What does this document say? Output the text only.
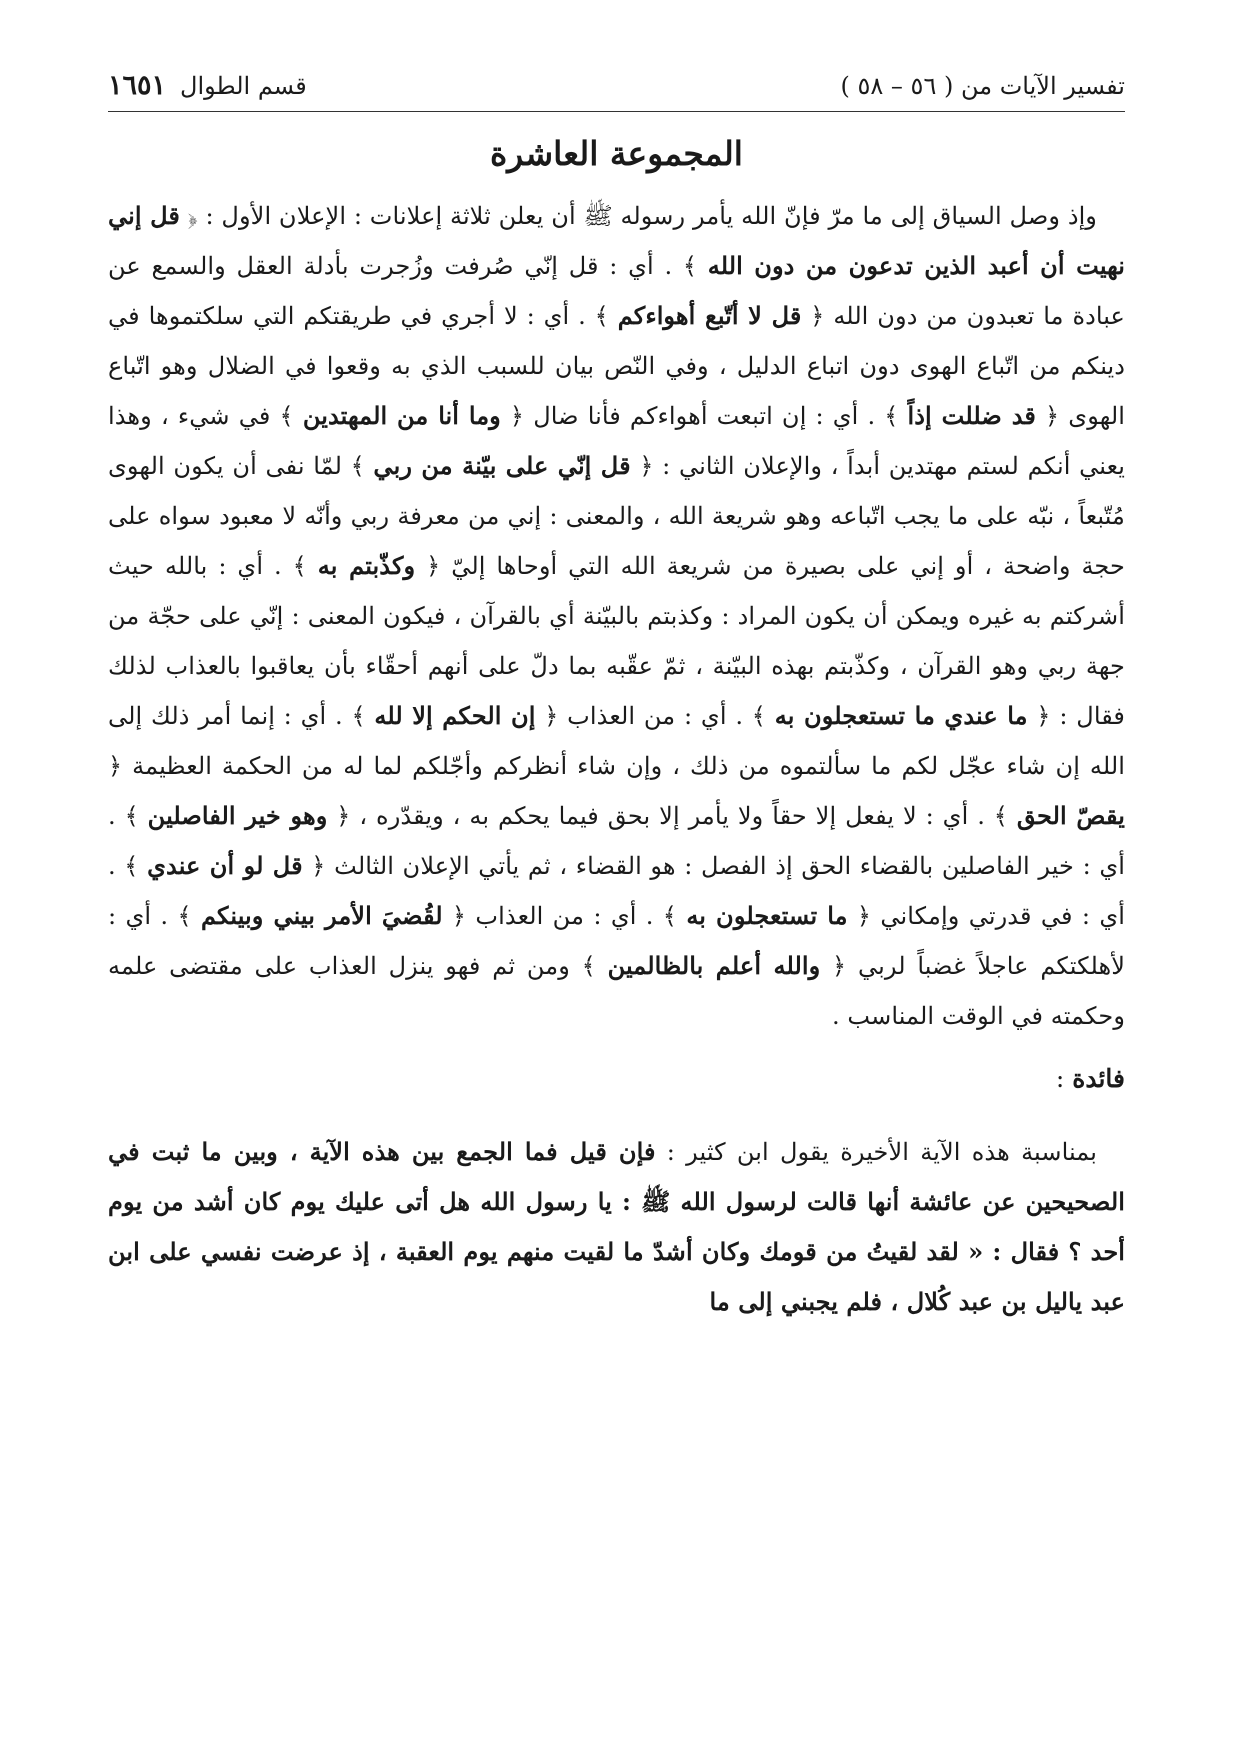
تفسير الآيات من ( ٥٦ – ٥٨ )
قسم الطوال
١٦٥١
المجموعة العاشرة

وإذ وصل السياق إلى ما مرّ فإنّ الله يأمر رسوله ﷺ أن يعلن ثلاثة إعلانات : الإعلان الأول : ﴿ قل إني نهيت أن أعبد الذين تدعون من دون الله ﴾ . أي : قل إنّي صُرفت وزُجرت بأدلة العقل والسمع عن عبادة ما تعبدون من دون الله ﴿ قل لا أتّبع أهواءكم ﴾ . أي : لا أجري في طريقتكم التي سلكتموها في دينكم من اتّباع الهوى دون اتباع الدليل ، وفي النّص بيان للسبب الذي به وقعوا في الضلال وهو اتّباع الهوى ﴿ قد ضللت إذاً ﴾ . أي : إن اتبعت أهواءكم فأنا ضال ﴿ وما أنا من المهتدين ﴾ في شيء ، وهذا يعني أنكم لستم مهتدين أبداً ، والإعلان الثاني : ﴿ قل إنّي على بيّنة من ربي ﴾ لمّا نفى أن يكون الهوى مُتّبعاً ، نبّه على ما يجب اتّباعه وهو شريعة الله ، والمعنى : إني من معرفة ربي وأنّه لا معبود سواه على حجة واضحة ، أو إني على بصيرة من شريعة الله التي أوحاها إليّ ﴿ وكذّبتم به ﴾ . أي : بالله حيث أشركتم به غيره ويمكن أن يكون المراد : وكذبتم بالبيّنة أي بالقرآن ، فيكون المعنى : إنّي على حجّة من جهة ربي وهو القرآن ، وكذّبتم بهذه البيّنة ، ثمّ عقّبه بما دلّ على أنهم أحقّاء بأن يعاقبوا بالعذاب لذلك فقال : ﴿ ما عندي ما تستعجلون به ﴾ . أي : من العذاب ﴿ إن الحكم إلا لله ﴾ . أي : إنما أمر ذلك إلى الله إن شاء عجّل لكم ما سألتموه من ذلك ، وإن شاء أنظركم وأجّلكم لما له من الحكمة العظيمة ﴿ يقصّ الحق ﴾ . أي : لا يفعل إلا حقاً ولا يأمر إلا بحق فيما يحكم به ، ويقدّره ، ﴿ وهو خير الفاصلين ﴾ . أي : خير الفاصلين بالقضاء الحق إذ الفصل : هو القضاء ، ثم يأتي الإعلان الثالث ﴿ قل لو أن عندي ﴾ . أي : في قدرتي وإمكاني ﴿ ما تستعجلون به ﴾ . أي : من العذاب ﴿ لقُضيَ الأمر بيني وبينكم ﴾ . أي : لأهلكتكم عاجلاً غضباً لربي ﴿ والله أعلم بالظالمين ﴾ ومن ثم فهو ينزل العذاب على مقتضى علمه وحكمته في الوقت المناسب .

فائدة :

بمناسبة هذه الآية الأخيرة يقول ابن كثير : فإن قيل فما الجمع بين هذه الآية ، وبين ما ثبت في الصحيحين عن عائشة أنها قالت لرسول الله ﷺ : يا رسول الله هل أتى عليك يوم كان أشد من يوم أحد ؟ فقال : « لقد لقيتُ من قومك وكان أشدّ ما لقيت منهم يوم العقبة ، إذ عرضت نفسي على ابن عبد ياليل بن عبد كُلال ، فلم يجبني إلى ما
